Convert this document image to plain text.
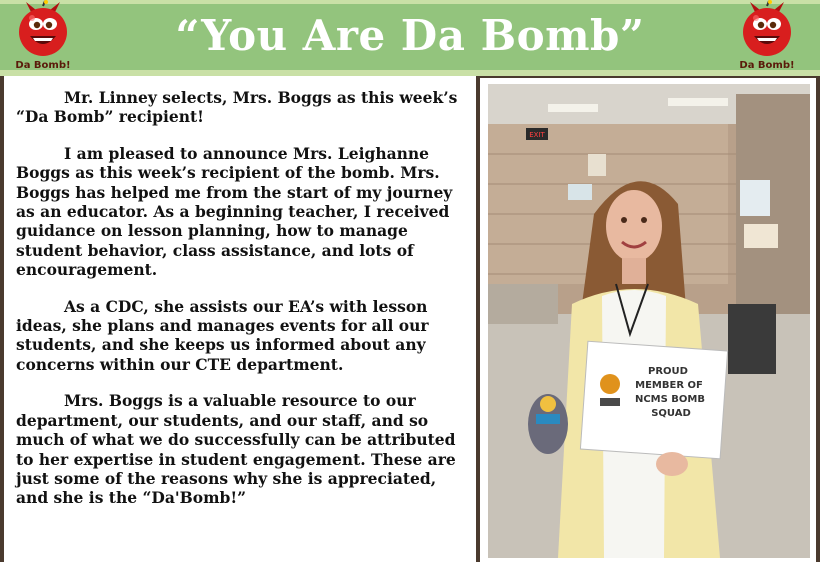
Da Bomb!
“You Are Da Bomb”
Da Bomb!

Mr. Linney selects, Mrs. Boggs as this week’s “Da Bomb” recipient!

I am pleased to announce Mrs. Leighanne Boggs as this week’s recipient of the bomb. Mrs. Boggs has helped me from the start of my journey as an educator. As a beginning teacher, I received guidance on lesson planning, how to manage student behavior, class assistance, and lots of encouragement.

As a CDC, she assists our EA’s with lesson ideas, she plans and manages events for all our students, and she keeps us informed about any concerns within our CTE department.

Mrs. Boggs is a valuable resource to our department, our students, and our staff, and so much of what we do successfully can be attributed to her expertise in student engagement. These are just some of the reasons why she is appreciated, and she is the “Da'Bomb!”

EXIT
PROUD
MEMBER OF
NCMS BOMB
SQUAD
